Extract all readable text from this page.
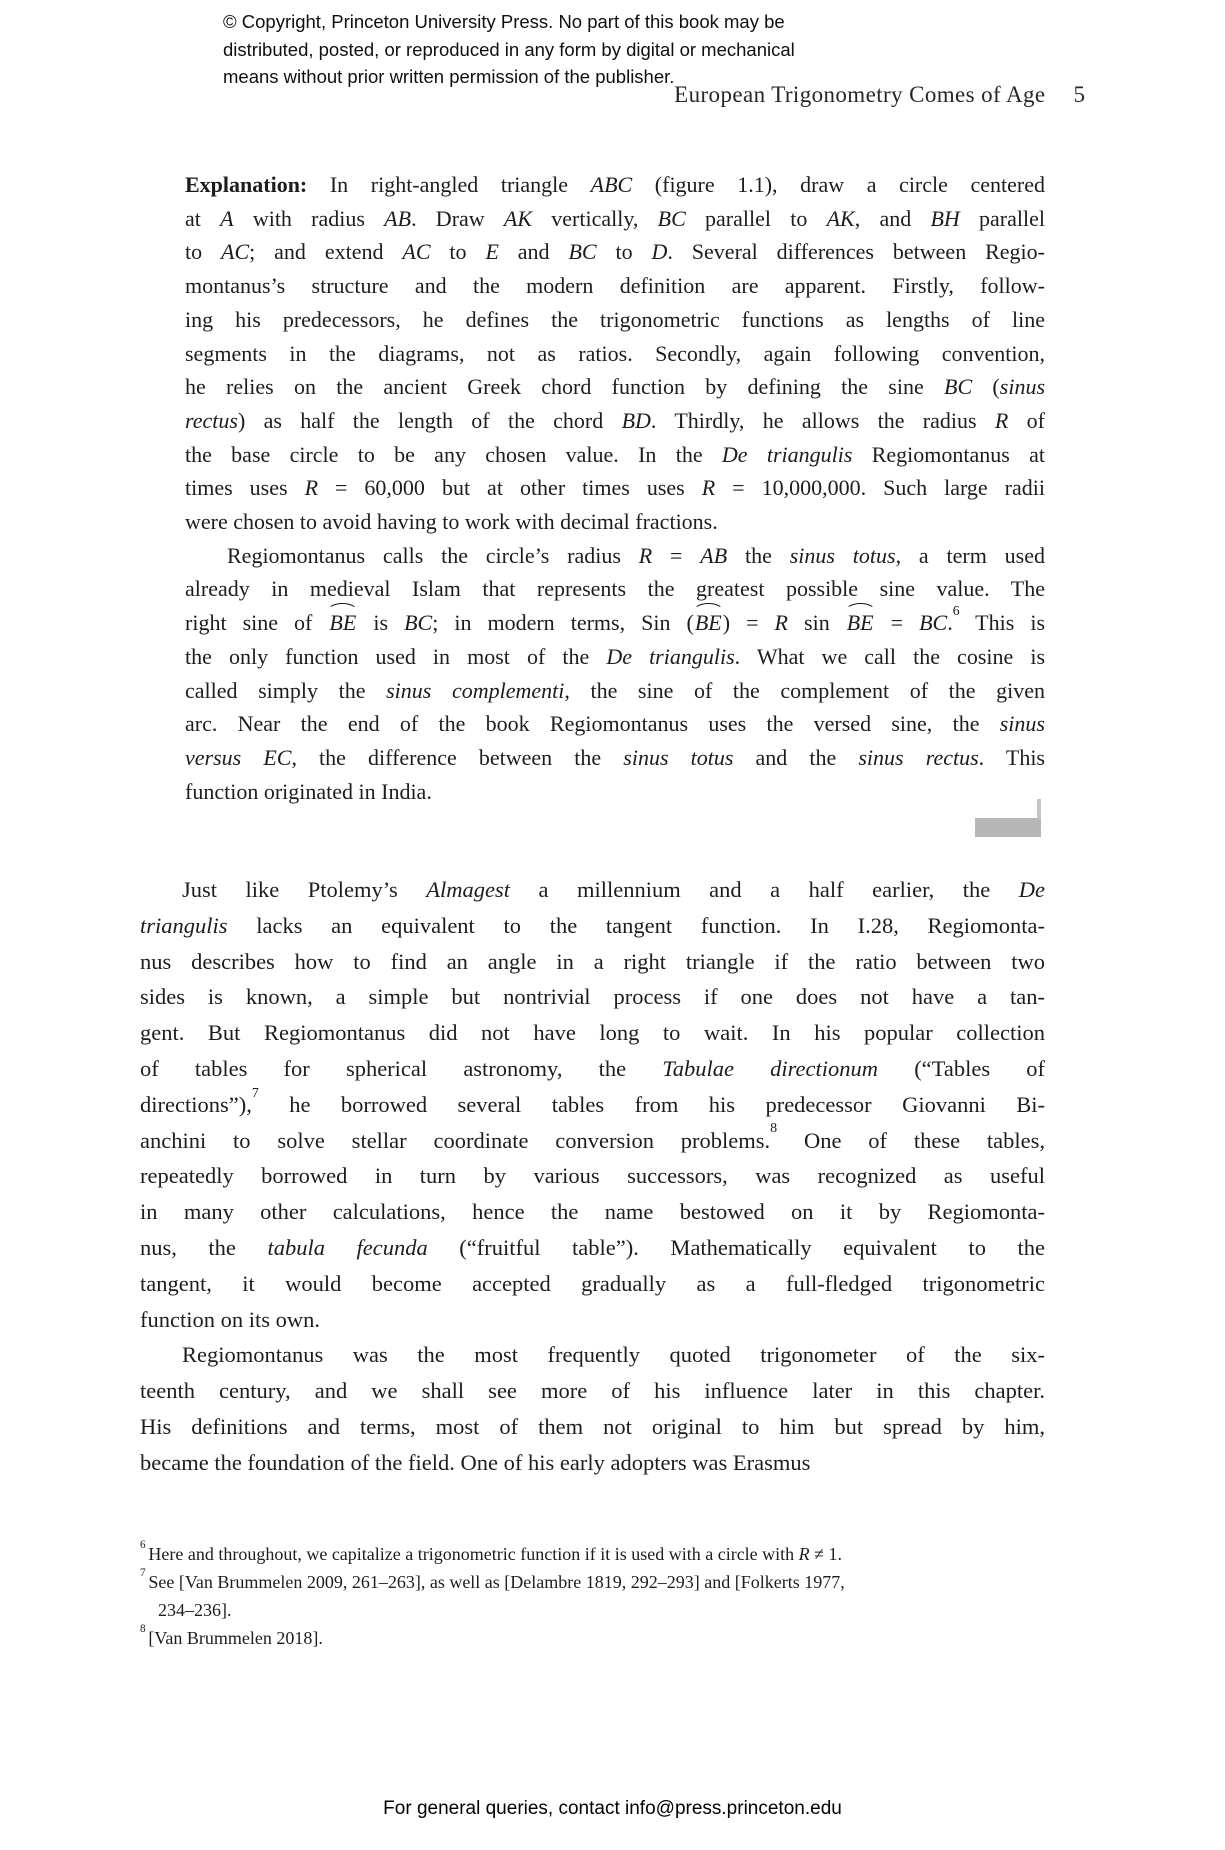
© Copyright, Princeton University Press. No part of this book may be
distributed, posted, or reproduced in any form by digital or mechanical
means without prior written permission of the publisher.
European Trigonometry Comes of Age 5
Explanation: In right-angled triangle ABC (figure 1.1), draw a circle centered
at A with radius AB. Draw AK vertically, BC parallel to AK, and BH parallel
to AC; and extend AC to E and BC to D. Several differences between Regio-
montanus’s structure and the modern definition are apparent. Firstly, follow-
ing his predecessors, he defines the trigonometric functions as lengths of line
segments in the diagrams, not as ratios. Secondly, again following convention,
he relies on the ancient Greek chord function by defining the sine BC (sinus
rectus) as half the length of the chord BD. Thirdly, he allows the radius R of
the base circle to be any chosen value. In the De triangulis Regiomontanus at
times uses R = 60,000 but at other times uses R = 10,000,000. Such large radii
were chosen to avoid having to work with decimal fractions.
Regiomontanus calls the circle’s radius R = AB the sinus totus, a term used
already in medieval Islam that represents the greatest possible sine value. The
right sine of BE is BC; in modern terms, Sin (BE) = R sin BE = BC.$^6$ This is
the only function used in most of the De triangulis. What we call the cosine is
called simply the sinus complementi, the sine of the complement of the given
arc. Near the end of the book Regiomontanus uses the versed sine, the sinus
versus EC, the difference between the sinus totus and the sinus rectus. This
function originated in India.
Just like Ptolemy’s Almagest a millennium and a half earlier, the De
triangulis lacks an equivalent to the tangent function. In I.28, Regiomonta-
nus describes how to find an angle in a right triangle if the ratio between two
sides is known, a simple but nontrivial process if one does not have a tan-
gent. But Regiomontanus did not have long to wait. In his popular collection
of tables for spherical astronomy, the Tabulae directionum (“Tables of
directions”),$^7$ he borrowed several tables from his predecessor Giovanni Bi-
anchini to solve stellar coordinate conversion problems.$^8$ One of these tables,
repeatedly borrowed in turn by various successors, was recognized as useful
in many other calculations, hence the name bestowed on it by Regiomonta-
nus, the tabula fecunda (“fruitful table”). Mathematically equivalent to the
tangent, it would become accepted gradually as a full-fledged trigonometric
function on its own.
Regiomontanus was the most frequently quoted trigonometer of the six-
teenth century, and we shall see more of his influence later in this chapter.
His definitions and terms, most of them not original to him but spread by him,
became the foundation of the field. One of his early adopters was Erasmus
$^6$ Here and throughout, we capitalize a trigonometric function if it is used with a circle with R ≠ 1.
$^7$ See [Van Brummelen 2009, 261–263], as well as [Delambre 1819, 292–293] and [Folkerts 1977,
234–236].
$^8$ [Van Brummelen 2018].
For general queries, contact info@press.princeton.edu
